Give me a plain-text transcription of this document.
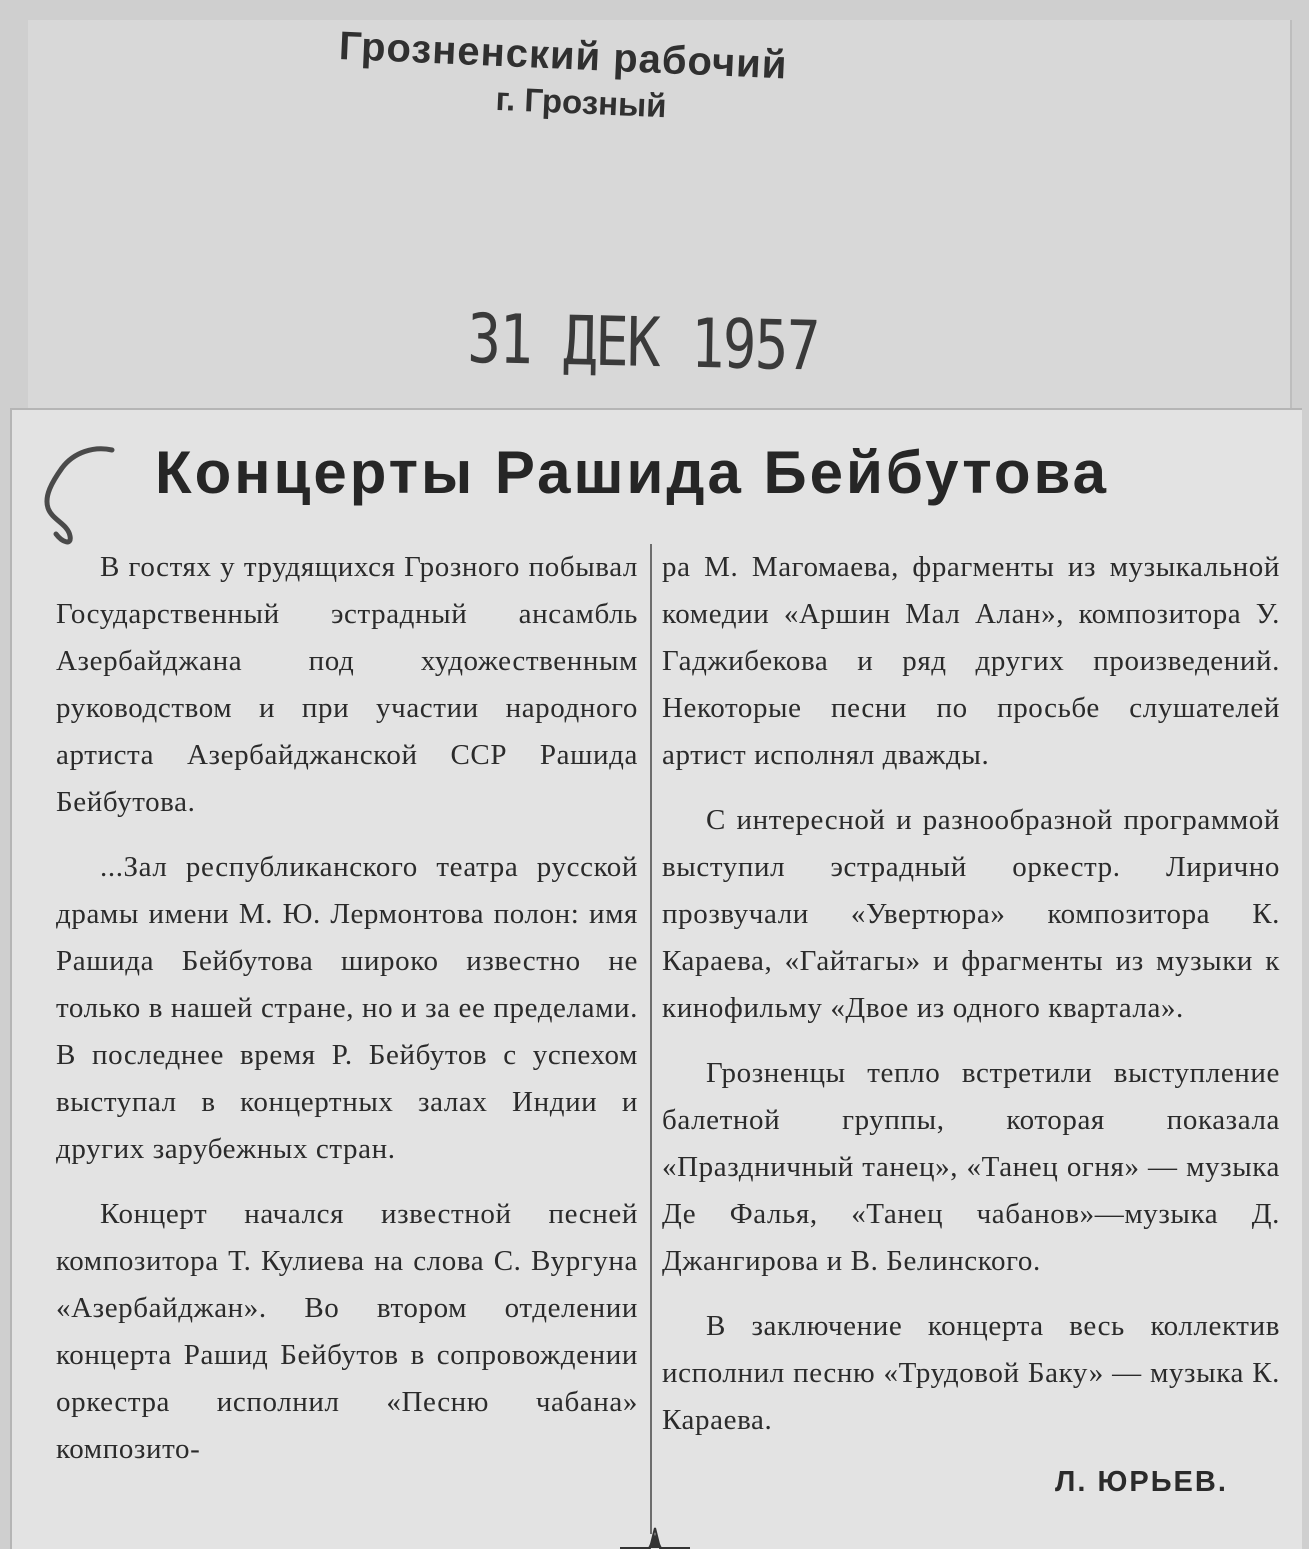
Грозненский рабочий
г. Грозный
31 ДЕК 1957
Концерты Рашида Бейбутова

В гостях у трудящихся Грозного побывал Государственный эстрадный ансамбль Азербайджана под художественным руководством и при участии народного артиста Азербайджанской ССР Рашида Бейбутова.

...Зал республиканского театра русской драмы имени М. Ю. Лермонтова полон: имя Рашида Бейбутова широко известно не только в нашей стране, но и за ее пределами. В последнее время Р. Бейбутов с успехом выступал в концертных залах Индии и других зарубежных стран.

Концерт начался известной песней композитора Т. Кулиева на слова С. Вургуна «Азербайджан». Во втором отделении концерта Рашид Бейбутов в сопровождении оркестра исполнил «Песню чабана» композито-

ра М. Магомаева, фрагменты из музыкальной комедии «Аршин Мал Алан», композитора У. Гаджибекова и ряд других произведений. Некоторые песни по просьбе слушателей артист исполнял дважды.

С интересной и разнообразной программой выступил эстрадный оркестр. Лирично прозвучали «Увертюра» композитора К. Караева, «Гайтагы» и фрагменты из музыки к кинофильму «Двое из одного квартала».

Грозненцы тепло встретили выступление балетной группы, которая показала «Праздничный танец», «Танец огня» — музыка Де Фалья, «Танец чабанов»—музыка Д. Джангирова и В. Белинского.

В заключение концерта весь коллектив исполнил песню «Трудовой Баку» — музыка К. Караева.

Л. ЮРЬЕВ.
